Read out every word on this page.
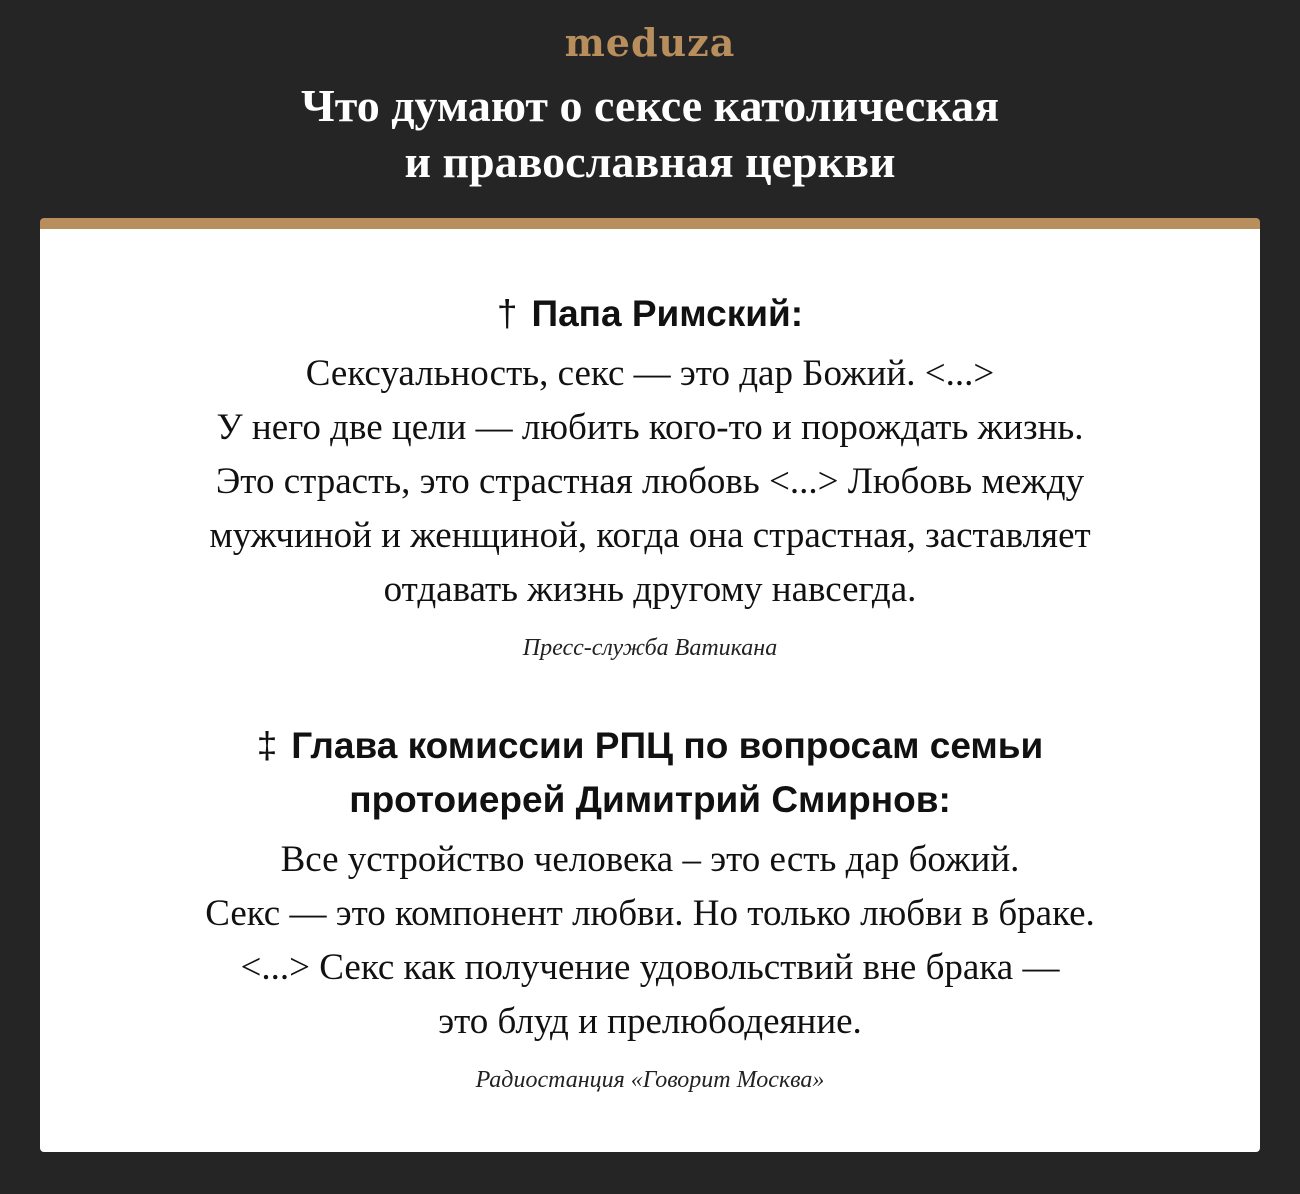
meduza
Что думают о сексе католическая
и православная церкви
† Папа Римский:
Сексуальность, секс — это дар Божий. <...>
У него две цели — любить кого-то и порождать жизнь.
Это страсть, это страстная любовь <...> Любовь между
мужчиной и женщиной, когда она страстная, заставляет
отдавать жизнь другому навсегда.
Пресс-служба Ватикана
‡ Глава комиссии РПЦ по вопросам семьи
протоиерей Димитрий Смирнов:
Все устройство человека – это есть дар божий.
Секс — это компонент любви. Но только любви в браке.
<...> Секс как получение удовольствий вне брака —
это блуд и прелюбодеяние.
Радиостанция «Говорит Москва»
